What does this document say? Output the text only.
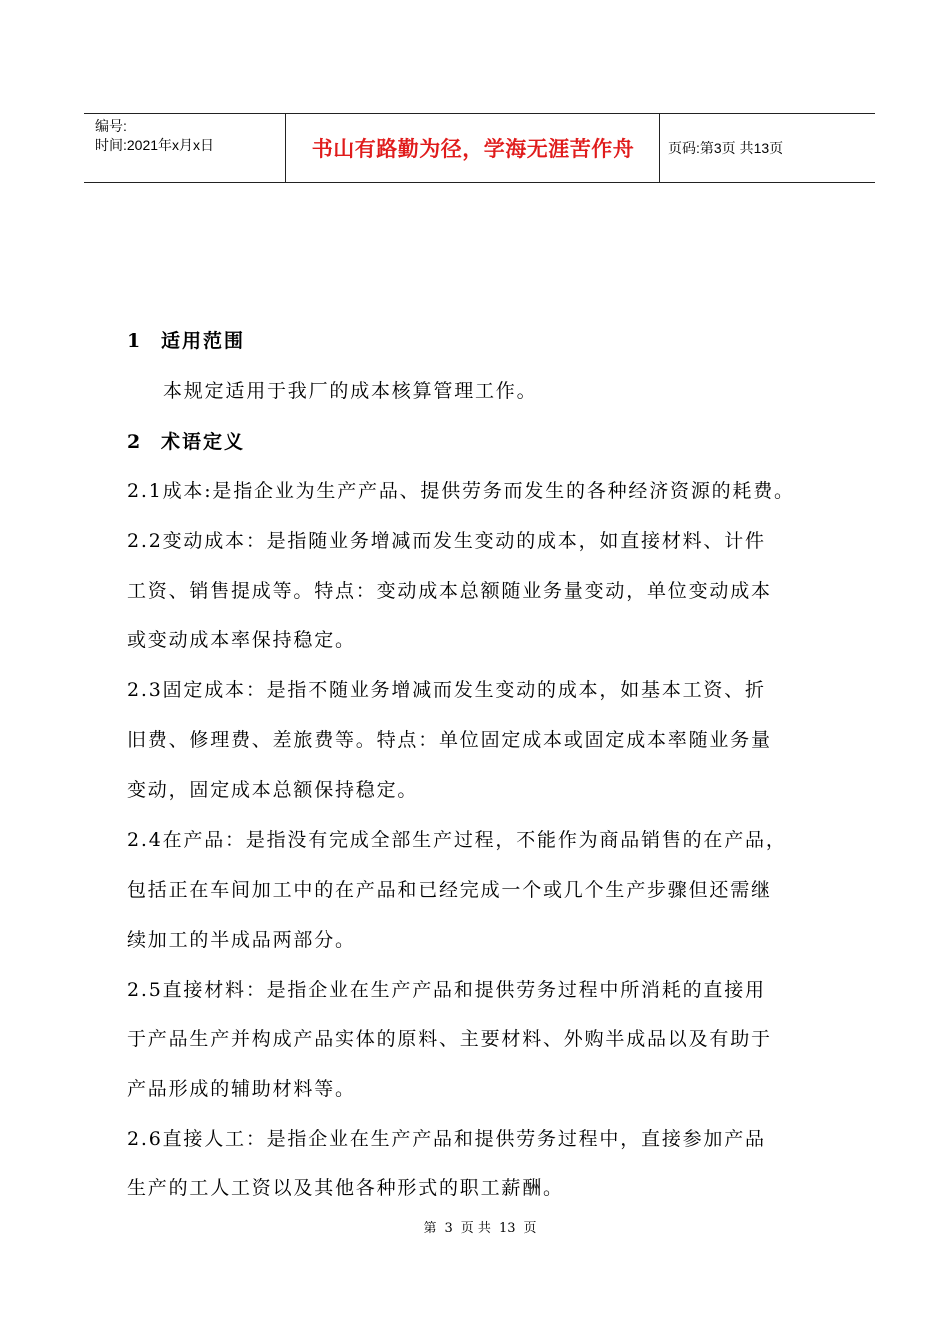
编号:
时间:2021年x月x日	书山有路勤为径，学海无涯苦作舟	页码:第3页 共13页
1 适用范围
本规定适用于我厂的成本核算管理工作。
2 术语定义
2.1成本:是指企业为生产产品、提供劳务而发生的各种经济资源的耗费。
2.2变动成本：是指随业务增减而发生变动的成本，如直接材料、计件
工资、销售提成等。特点：变动成本总额随业务量变动，单位变动成本
或变动成本率保持稳定。
2.3固定成本：是指不随业务增减而发生变动的成本，如基本工资、折
旧费、修理费、差旅费等。特点：单位固定成本或固定成本率随业务量
变动，固定成本总额保持稳定。
2.4在产品：是指没有完成全部生产过程，不能作为商品销售的在产品，
包括正在车间加工中的在产品和已经完成一个或几个生产步骤但还需继
续加工的半成品两部分。
2.5直接材料：是指企业在生产产品和提供劳务过程中所消耗的直接用
于产品生产并构成产品实体的原料、主要材料、外购半成品以及有助于
产品形成的辅助材料等。
2.6直接人工：是指企业在生产产品和提供劳务过程中，直接参加产品
生产的工人工资以及其他各种形式的职工薪酬。
第 3 页 共 13 页
